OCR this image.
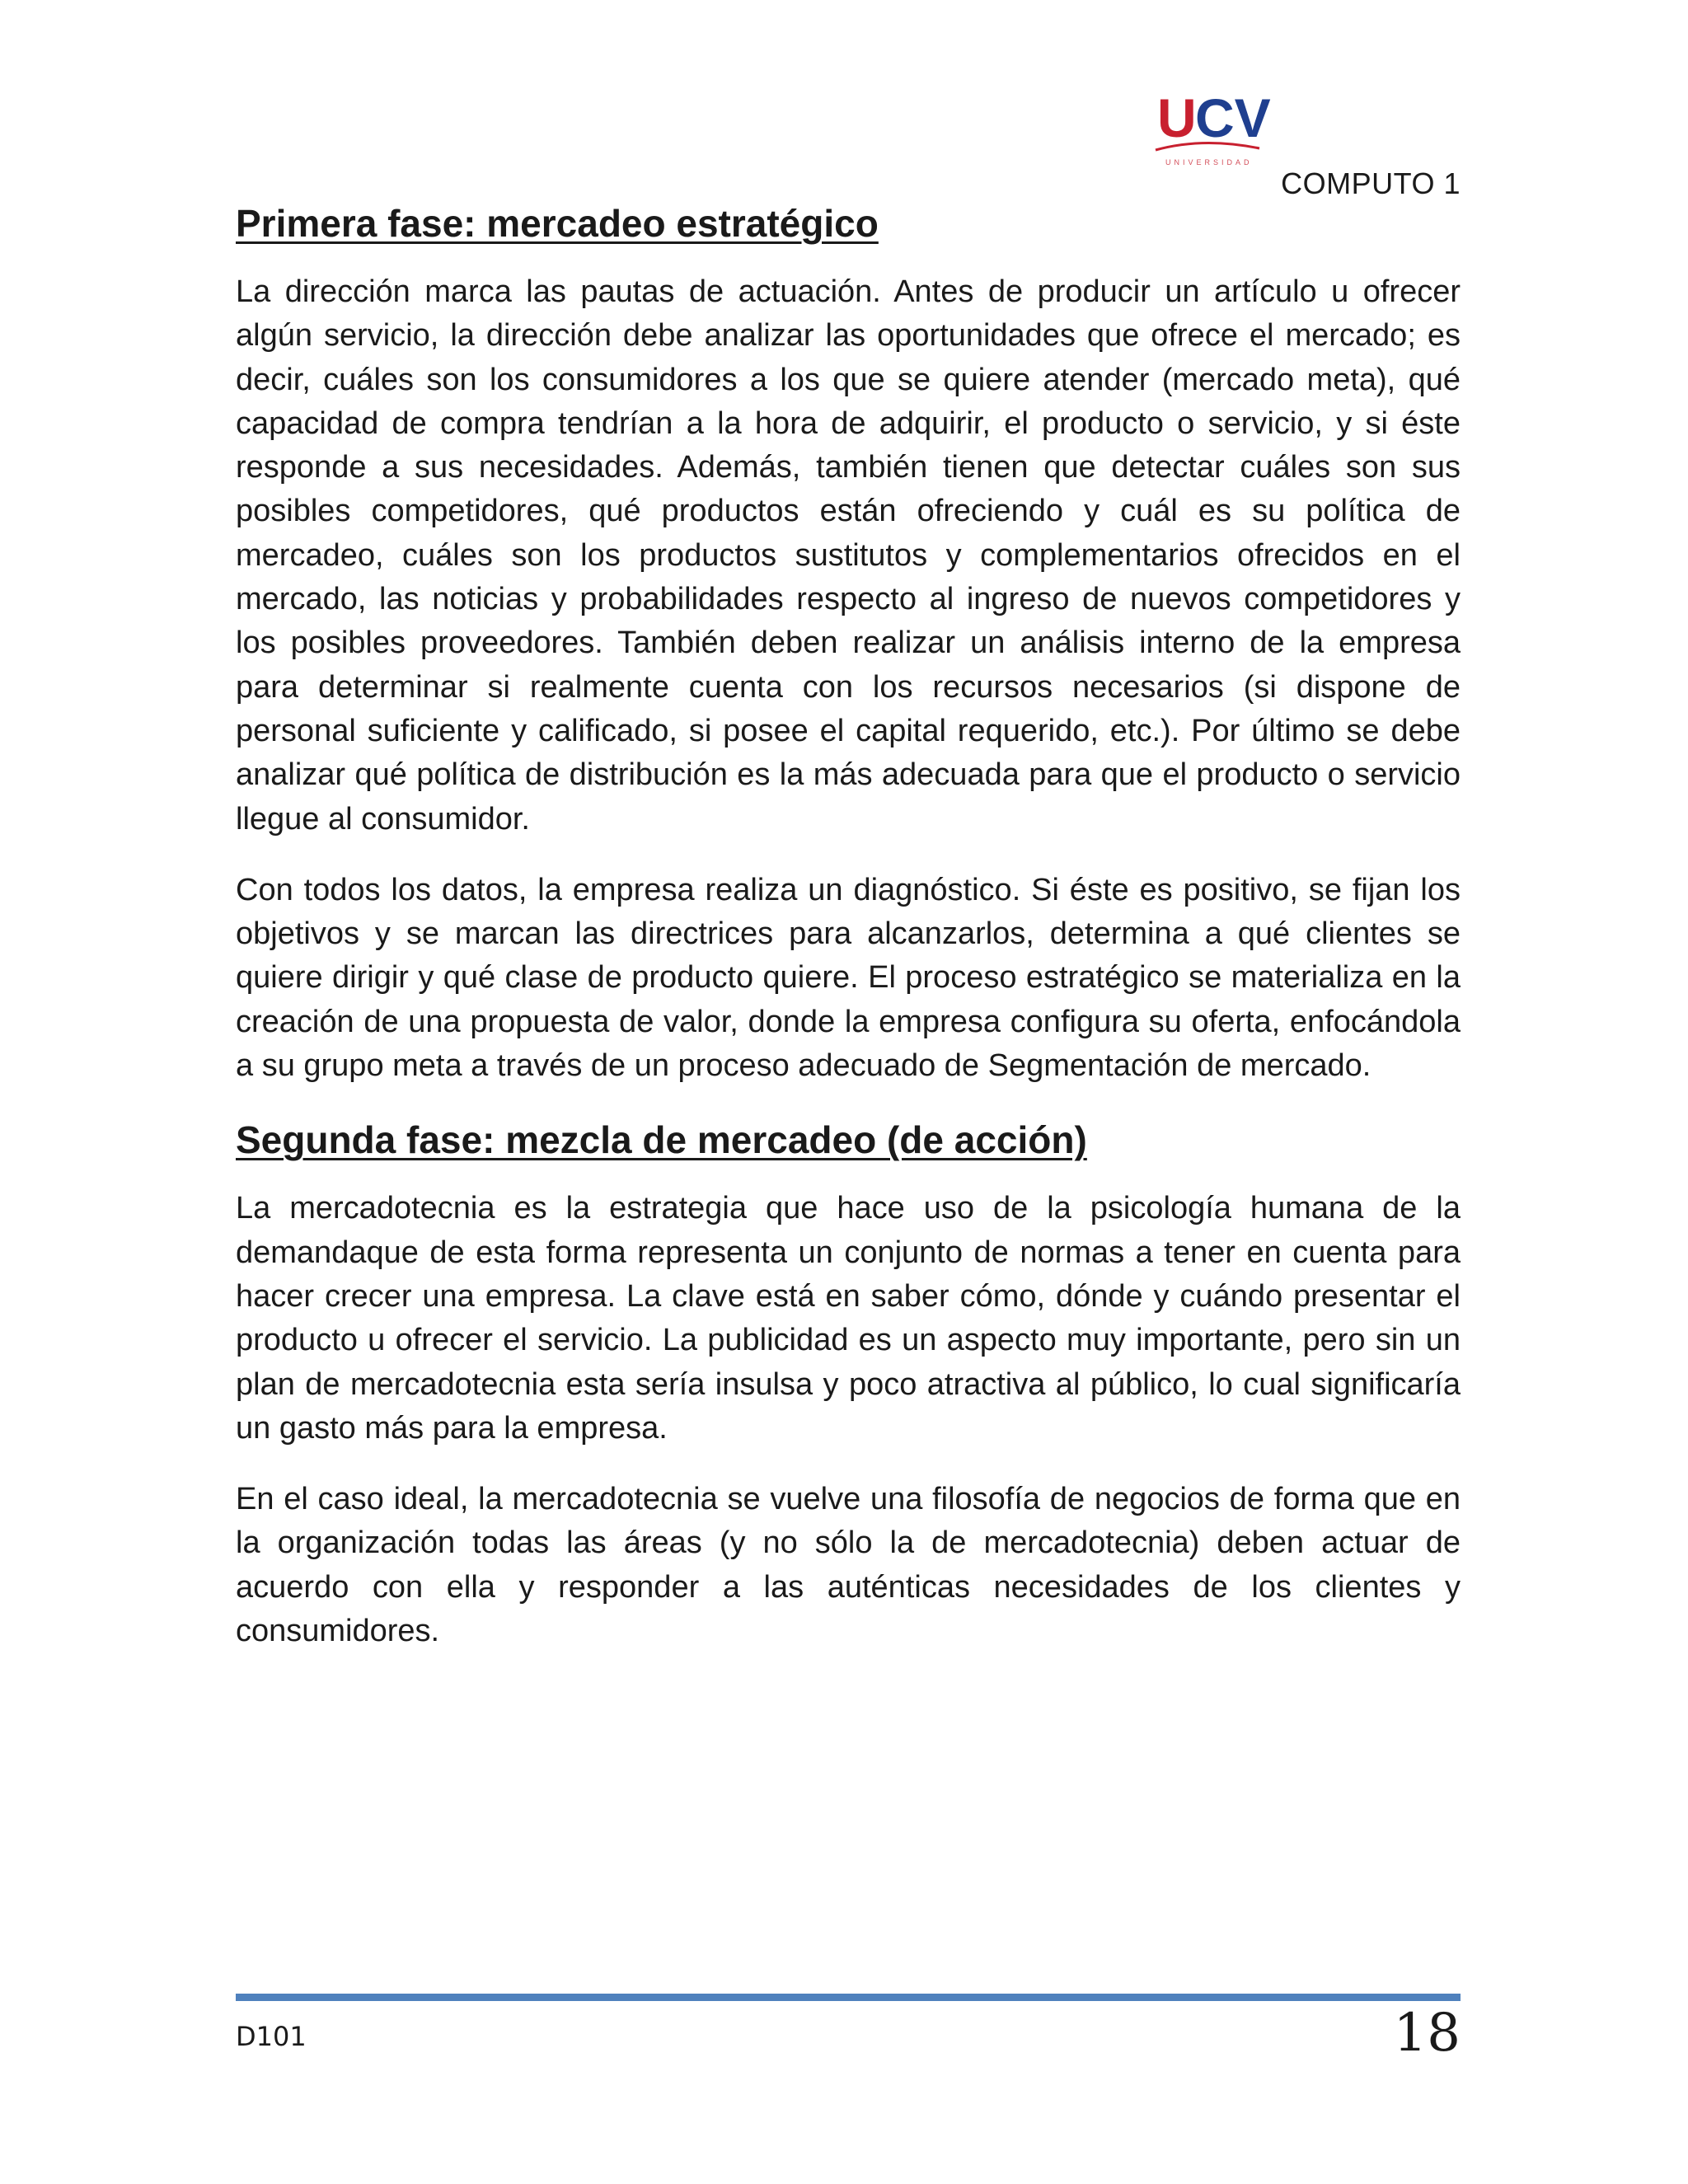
U
CV
UNIVERSIDAD
COMPUTO 1
Primera fase: mercadeo estratégico

La dirección marca las pautas de actuación. Antes de producir un artículo u ofrecer algún servicio, la dirección debe analizar las oportunidades que ofrece el mercado; es decir, cuáles son los consumidores a los que se quiere atender (mercado meta), qué capacidad de compra tendrían a la hora de adquirir, el producto o servicio, y si éste responde a sus necesidades. Además, también tienen que detectar cuáles son sus posibles competidores, qué productos están ofreciendo y cuál es su política de mercadeo, cuáles son los productos sustitutos y complementarios ofrecidos en el mercado, las noticias y probabilidades respecto al ingreso de nuevos competidores y los posibles proveedores. También deben realizar un análisis interno de la empresa para determinar si realmente cuenta con los recursos necesarios (si dispone de personal suficiente y calificado, si posee el capital requerido, etc.). Por último se debe analizar qué política de distribución es la más adecuada para que el producto o servicio llegue al consumidor.

Con todos los datos, la empresa realiza un diagnóstico. Si éste es positivo, se fijan los objetivos y se marcan las directrices para alcanzarlos, determina a qué clientes se quiere dirigir y qué clase de producto quiere. El proceso estratégico se materializa en la creación de una propuesta de valor, donde la empresa configura su oferta, enfocándola a su grupo meta a través de un proceso adecuado de Segmentación de mercado.

Segunda fase: mezcla de mercadeo (de acción)

La mercadotecnia es la estrategia que hace uso de la psicología humana de la demandaque de esta forma representa un conjunto de normas a tener en cuenta para hacer crecer una empresa. La clave está en saber cómo, dónde y cuándo presentar el producto u ofrecer el servicio. La publicidad es un aspecto muy importante, pero sin un plan de mercadotecnia esta sería insulsa y poco atractiva al público, lo cual significaría un gasto más para la empresa.

En el caso ideal, la mercadotecnia se vuelve una filosofía de negocios de forma que en la organización todas las áreas (y no sólo la de mercadotecnia) deben actuar de acuerdo con ella y responder a las auténticas necesidades de los clientes y consumidores.

D101	18
